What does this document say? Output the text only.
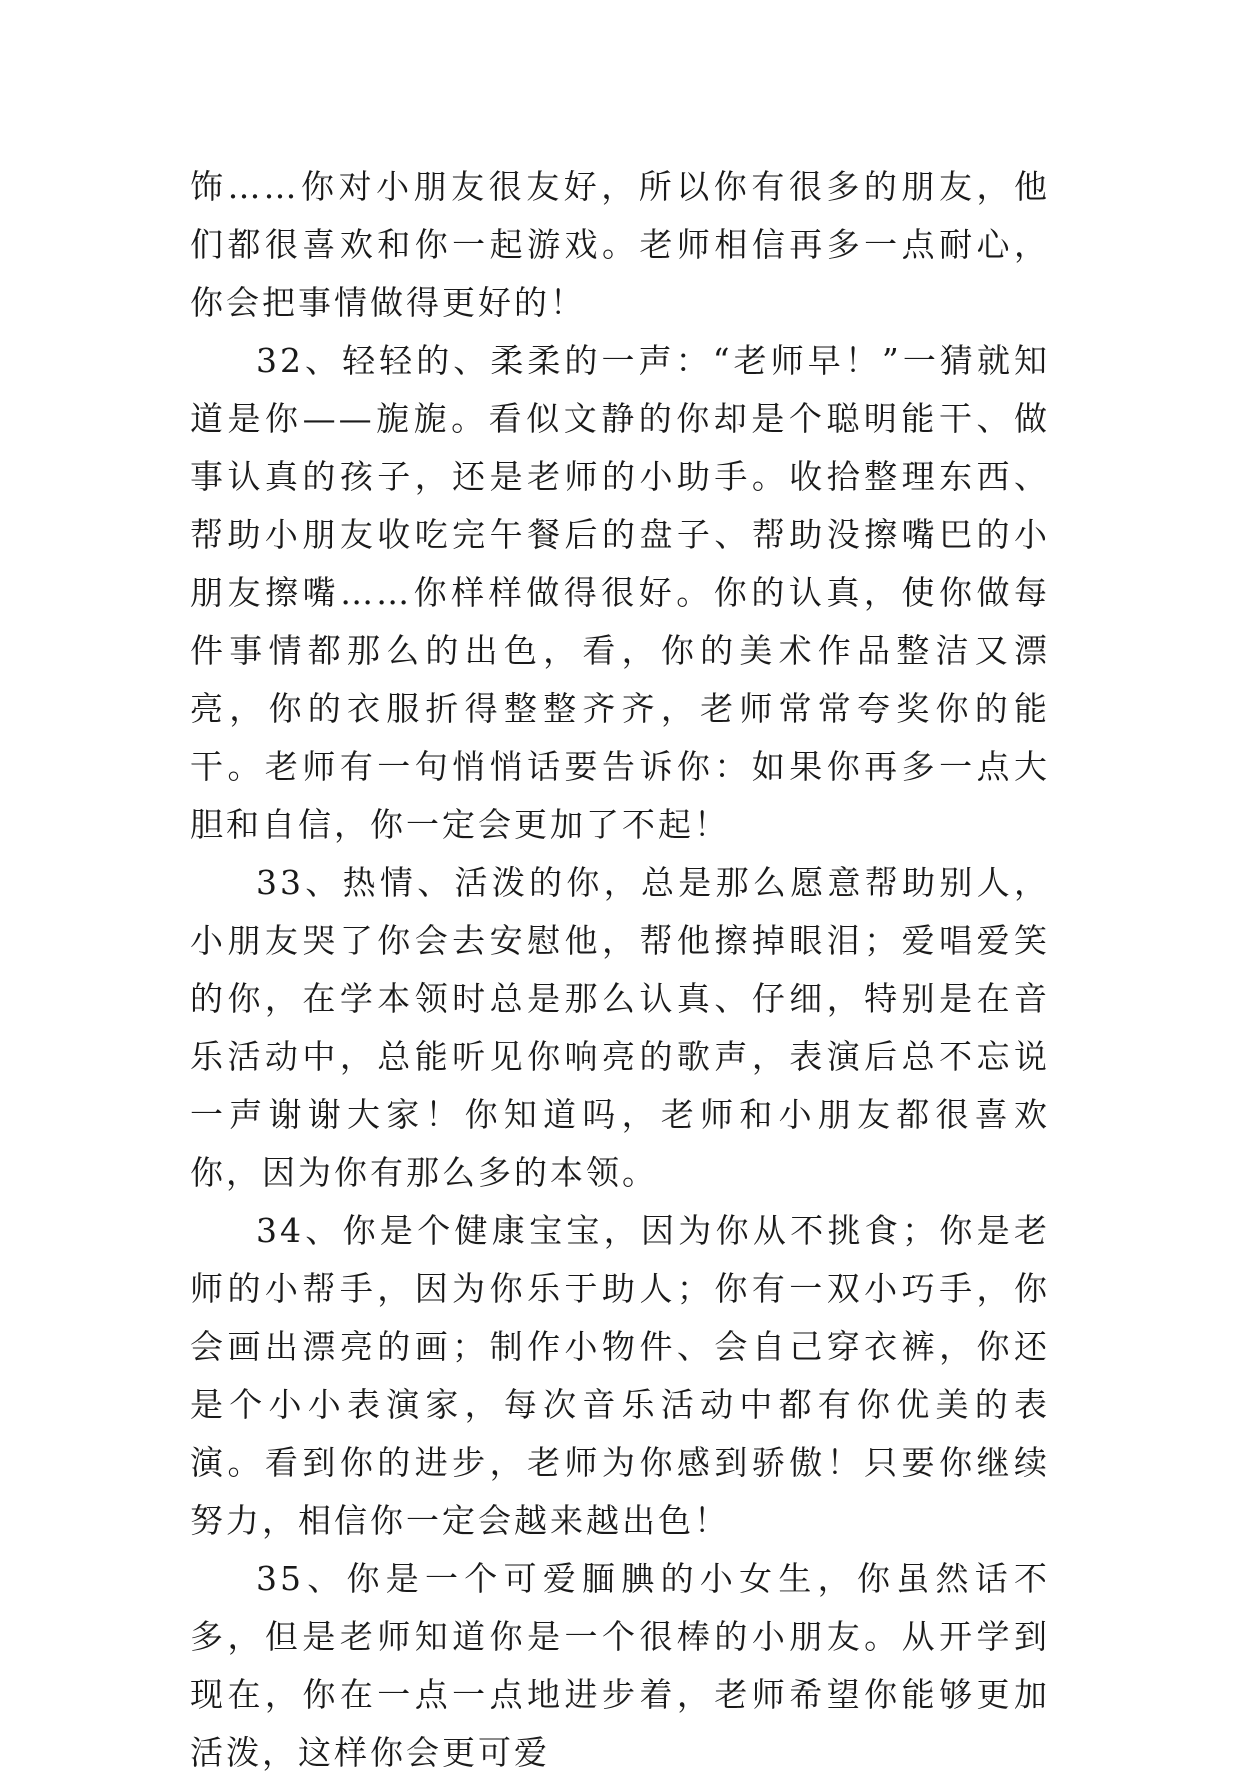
饰……你对小朋友很友好，所以你有很多的朋友，他们都很喜欢和你一起游戏。老师相信再多一点耐心，你会把事情做得更好的！

32、轻轻的、柔柔的一声：“老师早！”一猜就知道是你——旎旎。看似文静的你却是个聪明能干、做事认真的孩子，还是老师的小助手。收拾整理东西、帮助小朋友收吃完午餐后的盘子、帮助没擦嘴巴的小朋友擦嘴……你样样做得很好。你的认真，使你做每件事情都那么的出色，看，你的美术作品整洁又漂亮，你的衣服折得整整齐齐，老师常常夸奖你的能干。老师有一句悄悄话要告诉你：如果你再多一点大胆和自信，你一定会更加了不起！

33、热情、活泼的你，总是那么愿意帮助别人，小朋友哭了你会去安慰他，帮他擦掉眼泪；爱唱爱笑的你，在学本领时总是那么认真、仔细，特别是在音乐活动中，总能听见你响亮的歌声，表演后总不忘说一声谢谢大家！你知道吗，老师和小朋友都很喜欢你，因为你有那么多的本领。

34、你是个健康宝宝，因为你从不挑食；你是老师的小帮手，因为你乐于助人；你有一双小巧手，你会画出漂亮的画；制作小物件、会自己穿衣裤，你还是个小小表演家，每次音乐活动中都有你优美的表演。看到你的进步，老师为你感到骄傲！只要你继续努力，相信你一定会越来越出色！

35、你是一个可爱腼腆的小女生，你虽然话不多，但是老师知道你是一个很棒的小朋友。从开学到现在，你在一点一点地进步着，老师希望你能够更加活泼，这样你会更可爱
